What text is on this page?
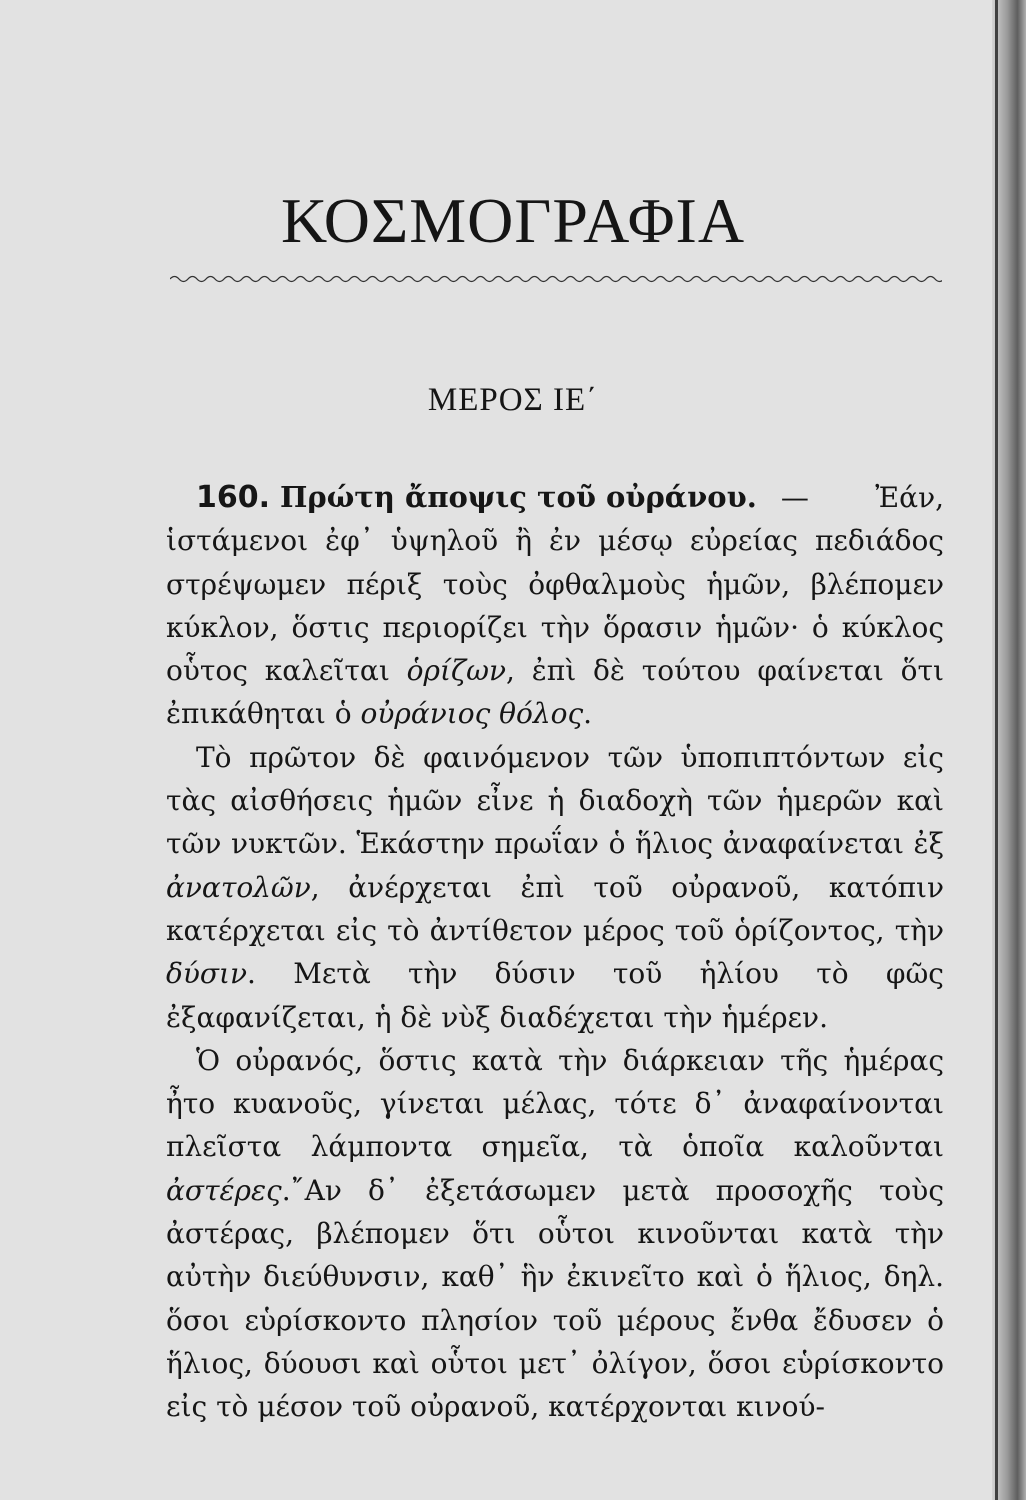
ΚΟΣΜΟΓΡΑΦΙΑ
ΜΕΡΟΣ ΙΕ΄
160. Πρώτη ἄποψις τοῦ οὐράνου. — Ἐάν,

ἱστάμενοι ἐφ᾿ ὑψηλοῦ ἢ ἐν μέσῳ εὐρείας πεδιάδος στρέψωμεν πέριξ τοὺς ὀφθαλμοὺς ἡμῶν, βλέπομεν κύκλον, ὅστις περιορίζει τὴν ὅρασιν ἡμῶν· ὁ κύκλος οὗτος καλεῖται ὁρίζων, ἐπὶ δὲ τούτου φαίνεται ὅτι ἐπικάθηται ὁ οὐράνιος θόλος.

Τὸ πρῶτον δὲ φαινόμενον τῶν ὑποπιπτόντων εἰς τὰς αἰσθήσεις ἡμῶν εἶνε ἡ διαδοχὴ τῶν ἡμερῶν καὶ τῶν νυκτῶν. Ἑκάστην πρωΐαν ὁ ἥλιος ἀναφαίνεται ἐξ ἀνατολῶν, ἀνέρχεται ἐπὶ τοῦ οὐρανοῦ, κατόπιν κατέρχεται εἰς τὸ ἀντίθετον μέρος τοῦ ὁρίζοντος, τὴν δύσιν. Μετὰ τὴν δύσιν τοῦ ἡλίου τὸ φῶς ἐξαφανίζεται, ἡ δὲ νὺξ διαδέχεται τὴν ἡμέρεν.

Ὁ οὐρανός, ὅστις κατὰ τὴν διάρκειαν τῆς ἡμέρας ἦτο κυανοῦς, γίνεται μέλας, τότε δ᾿ ἀναφαίνονται πλεῖστα λάμποντα σημεῖα, τὰ ὁποῖα καλοῦνται ἀστέρες.῎Αν δ᾿ ἐξετάσωμεν μετὰ προσοχῆς τοὺς ἀστέρας, βλέπομεν ὅτι οὗτοι κινοῦνται κατὰ τὴν αὐτὴν διεύθυνσιν, καθ᾿ ἣν ἐκινεῖτο καὶ ὁ ἥλιος, δηλ. ὅσοι εὑρίσκοντο πλησίον τοῦ μέρους ἔνθα ἔδυσεν ὁ ἥλιος, δύουσι καὶ οὗτοι μετ᾿ ὀλίγον, ὅσοι εὑρίσκοντο εἰς τὸ μέσον τοῦ οὐρανοῦ, κατέρχονται κινού-
